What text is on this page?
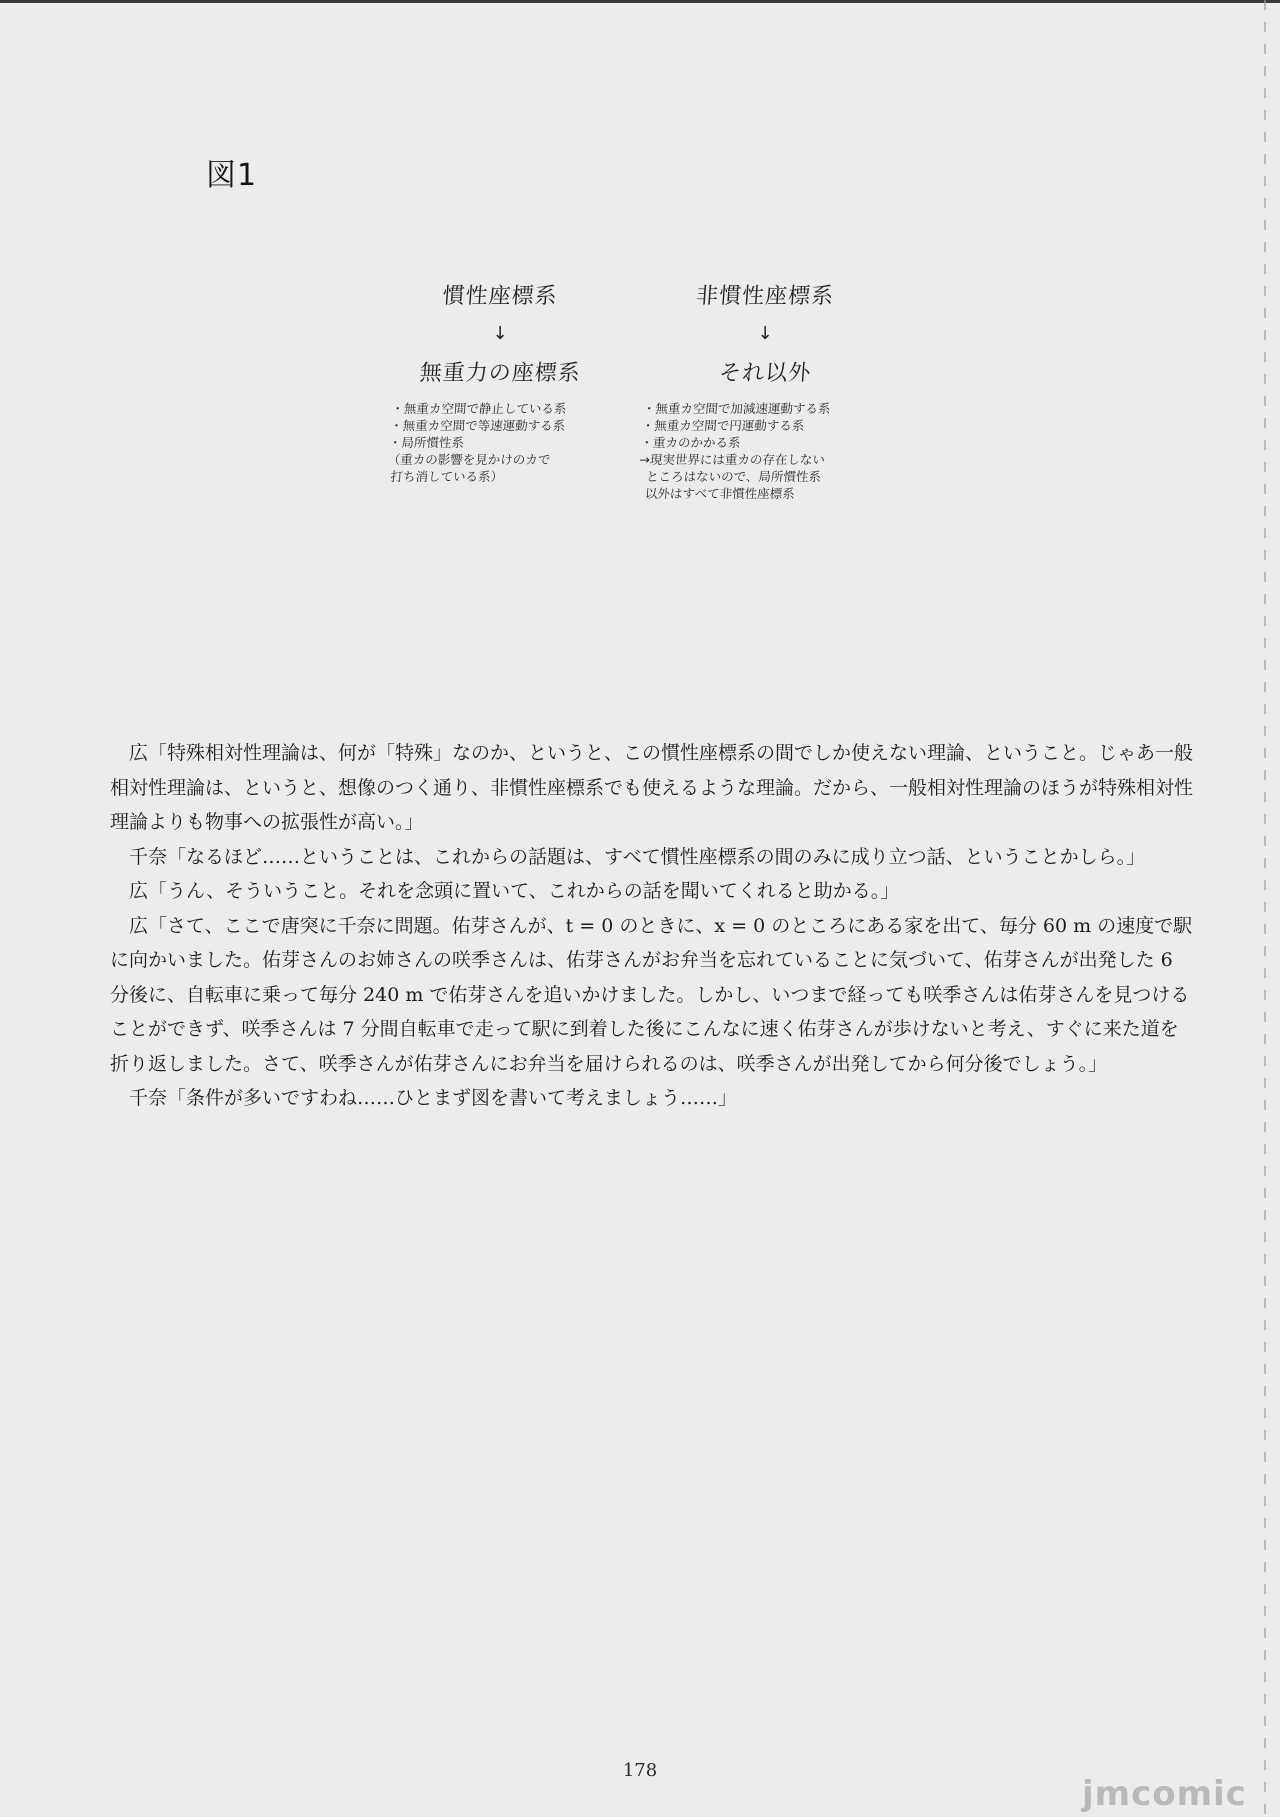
図1
慣性座標系
↓
無重力の座標系
・無重カ空間で静止している系
・無重カ空間で等速運動する系
・局所慣性系
（重カの影響を見かけのカで
打ち消している系）
非慣性座標系
↓
それ以外
・無重カ空間で加減速運動する系
・無重カ空間で円運動する系
・重カのかかる系
→現実世界には重カの存在しない
ところはないので、局所慣性系
以外はすべて非慣性座標系

広「特殊相対性理論は、何が「特殊」なのか、というと、この慣性座標系の間でしか使えない理論、ということ。じゃあ一般相対性理論は、というと、想像のつく通り、非慣性座標系でも使えるような理論。だから、一般相対性理論のほうが特殊相対性理論よりも物事への拡張性が高い。」

千奈「なるほど……ということは、これからの話題は、すべて慣性座標系の間のみに成り立つ話、ということかしら。」

広「うん、そういうこと。それを念頭に置いて、これからの話を聞いてくれると助かる。」

広「さて、ここで唐突に千奈に問題。佑芽さんが、t = 0 のときに、x = 0 のところにある家を出て、毎分 60 m の速度で駅に向かいました。佑芽さんのお姉さんの咲季さんは、佑芽さんがお弁当を忘れていることに気づいて、佑芽さんが出発した 6 分後に、自転車に乗って毎分 240 m で佑芽さんを追いかけました。しかし、いつまで経っても咲季さんは佑芽さんを見つけることができず、咲季さんは 7 分間自転車で走って駅に到着した後にこんなに速く佑芽さんが歩けないと考え、すぐに来た道を折り返しました。さて、咲季さんが佑芽さんにお弁当を届けられるのは、咲季さんが出発してから何分後でしょう。」

千奈「条件が多いですわね……ひとまず図を書いて考えましょう……」

178
jmcomic
